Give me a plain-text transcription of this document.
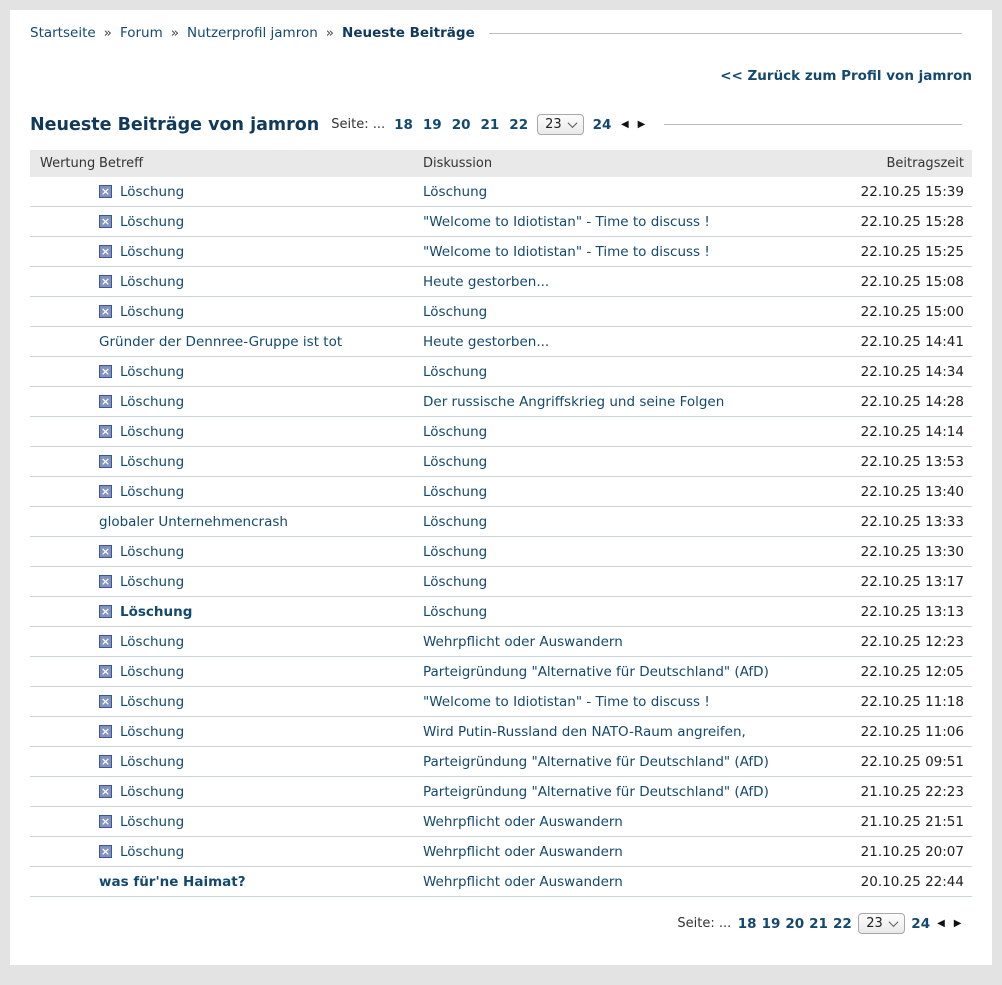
Startseite » Forum » Nutzerprofil jamron » Neueste Beiträge
<< Zurück zum Profil von jamron
Neueste Beiträge von jamron Seite: ... 18 19 20 21 22 23 24 ◀ ▶
Wertung	Betreff	Diskussion	Beitragszeit

× Löschung	Löschung	22.10.25 15:39

× Löschung	"Welcome to Idiotistan" - Time to discuss !	22.10.25 15:28

× Löschung	"Welcome to Idiotistan" - Time to discuss !	22.10.25 15:25

× Löschung	Heute gestorben...	22.10.25 15:08

× Löschung	Löschung	22.10.25 15:00

	Gründer der Dennree-Gruppe ist tot	Heute gestorben...	22.10.25 14:41

× Löschung	Löschung	22.10.25 14:34

× Löschung	Der russische Angriffskrieg und seine Folgen	22.10.25 14:28

× Löschung	Löschung	22.10.25 14:14

× Löschung	Löschung	22.10.25 13:53

× Löschung	Löschung	22.10.25 13:40

	globaler Unternehmencrash	Löschung	22.10.25 13:33

× Löschung	Löschung	22.10.25 13:30

× Löschung	Löschung	22.10.25 13:17

× Löschung	Löschung	22.10.25 13:13

× Löschung	Wehrpflicht oder Auswandern	22.10.25 12:23

× Löschung	Parteigründung "Alternative für Deutschland" (AfD)	22.10.25 12:05

× Löschung	"Welcome to Idiotistan" - Time to discuss !	22.10.25 11:18

× Löschung	Wird Putin-Russland den NATO-Raum angreifen,	22.10.25 11:06

× Löschung	Parteigründung "Alternative für Deutschland" (AfD)	22.10.25 09:51

× Löschung	Parteigründung "Alternative für Deutschland" (AfD)	21.10.25 22:23

× Löschung	Wehrpflicht oder Auswandern	21.10.25 21:51

× Löschung	Wehrpflicht oder Auswandern	21.10.25 20:07

	was für'ne Haimat?	Wehrpflicht oder Auswandern	20.10.25 22:44
Seite: ... 18 19 20 21 22 23 24 ◀ ▶
